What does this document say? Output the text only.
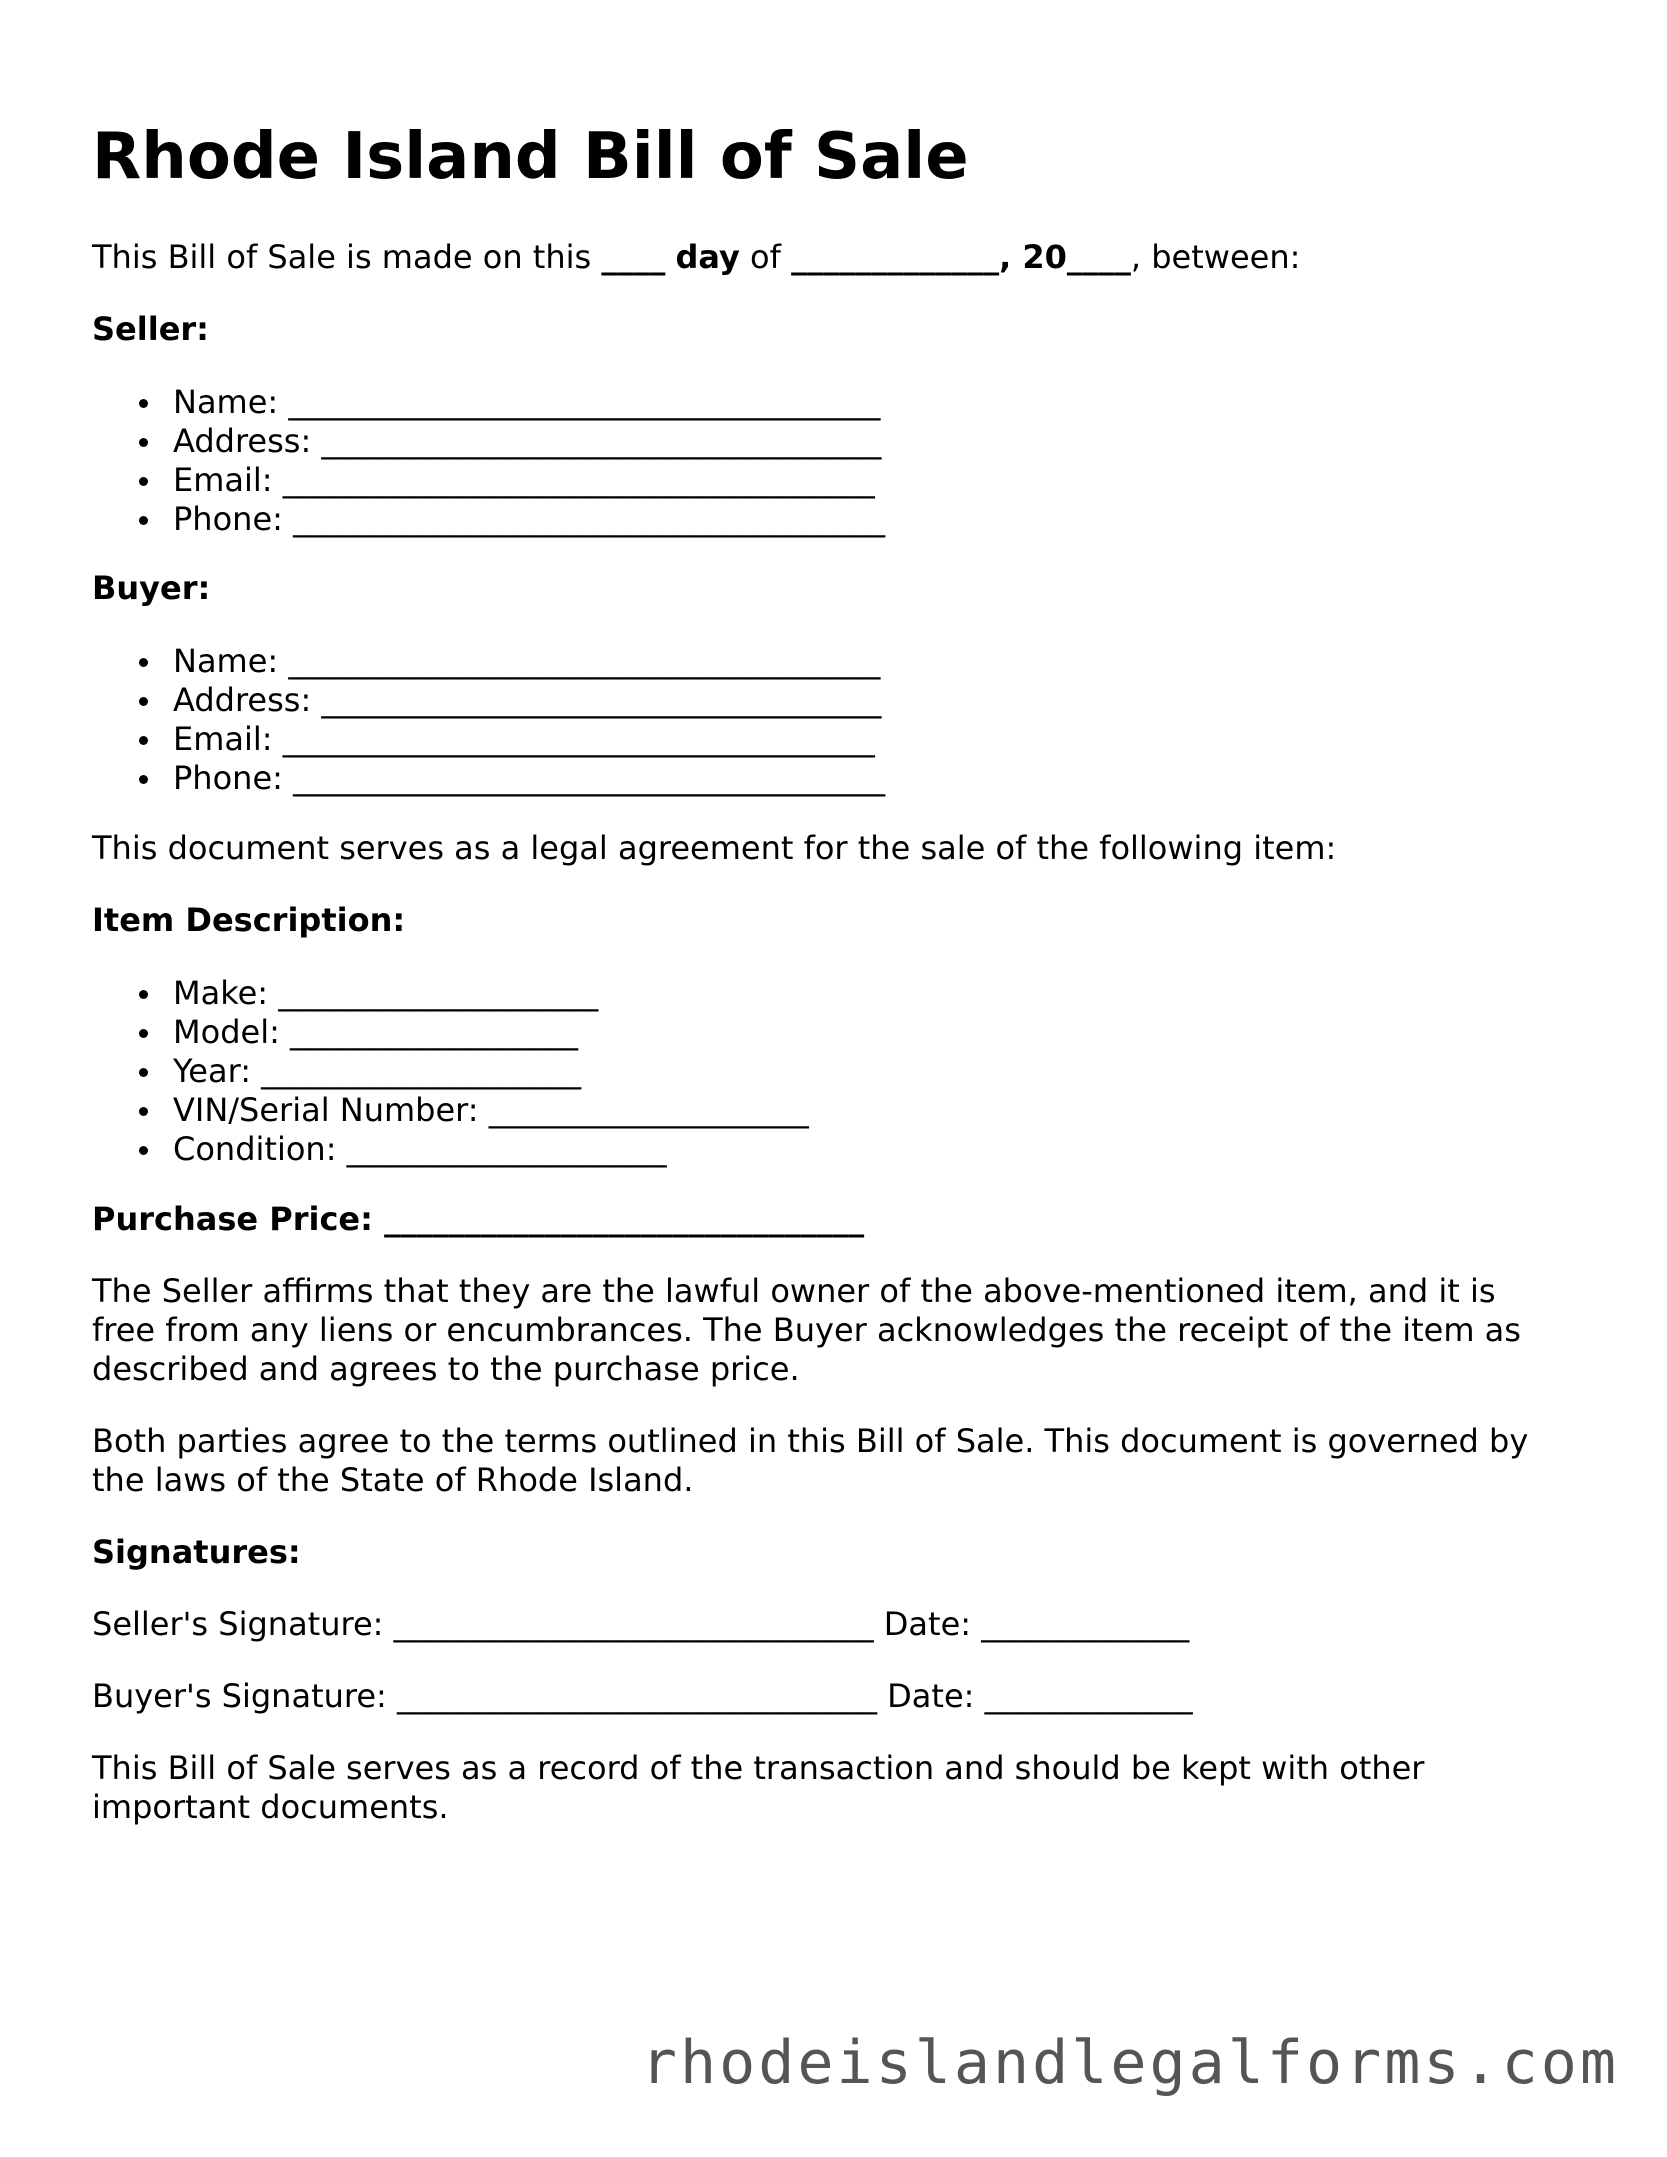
Rhode Island Bill of Sale
This Bill of Sale is made on this ____ day of _____________, 20____, between:
Seller:
Name: _____________________________________
Address: ___________________________________
Email: _____________________________________
Phone: _____________________________________
Buyer:
Name: _____________________________________
Address: ___________________________________
Email: _____________________________________
Phone: _____________________________________
This document serves as a legal agreement for the sale of the following item:
Item Description:
Make: ____________________
Model: __________________
Year: ____________________
VIN/Serial Number: ____________________
Condition: ____________________
Purchase Price: ______________________________
The Seller affirms that they are the lawful owner of the above-mentioned item, and it is
free from any liens or encumbrances. The Buyer acknowledges the receipt of the item as
described and agrees to the purchase price.
Both parties agree to the terms outlined in this Bill of Sale. This document is governed by
the laws of the State of Rhode Island.
Signatures:
Seller's Signature: ______________________________ Date: _____________
Buyer's Signature: ______________________________ Date: _____________
This Bill of Sale serves as a record of the transaction and should be kept with other
important documents.
rhodeislandlegalforms.com
